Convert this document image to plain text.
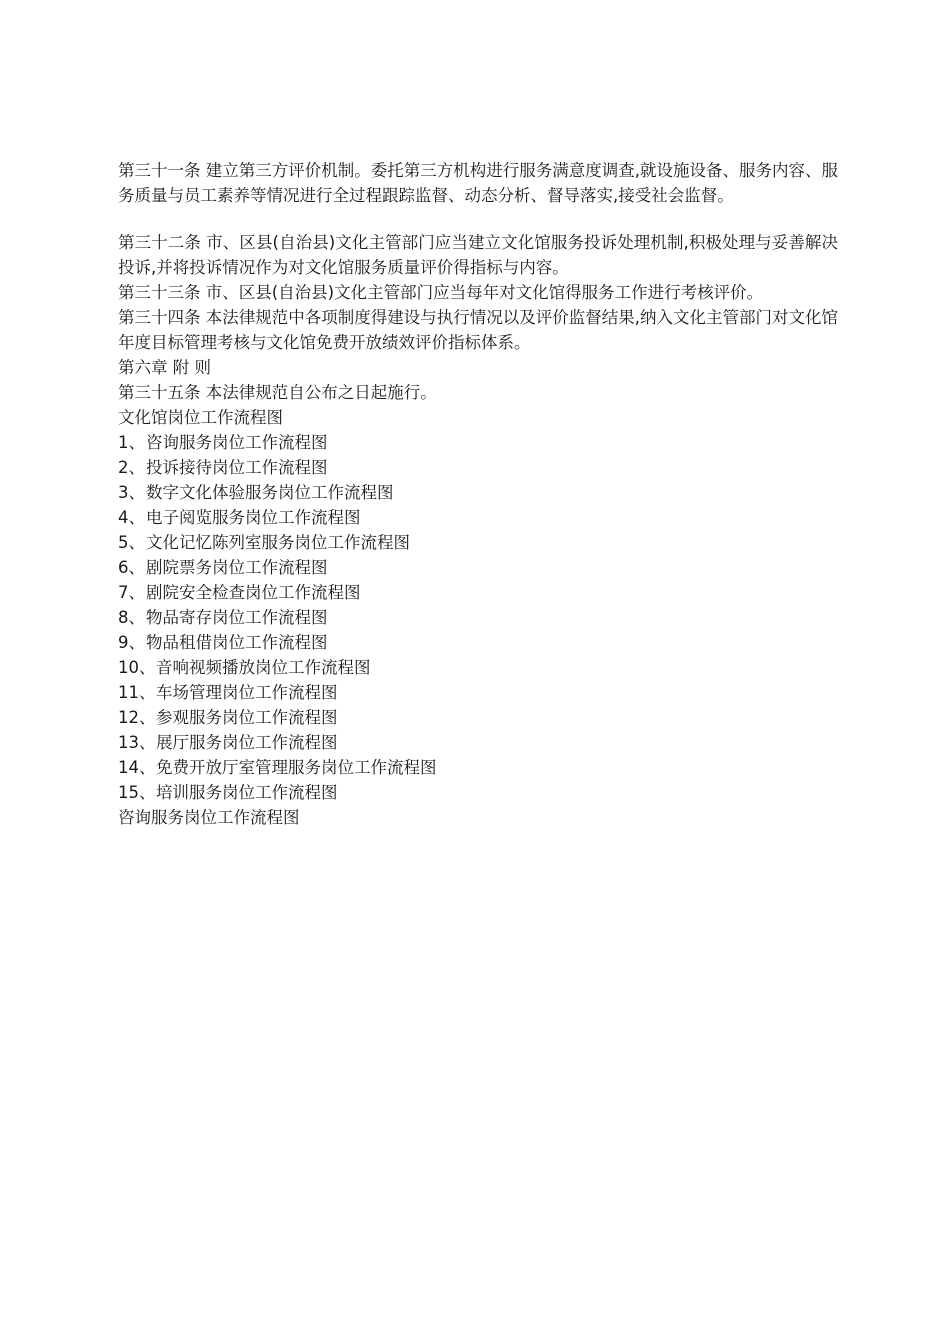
第三十一条 建立第三方评价机制。委托第三方机构进行服务满意度调查,就设施设备、服务内容、服务质量与员工素养等情况进行全过程跟踪监督、动态分析、督导落实,接受社会监督。

第三十二条 市、区县(自治县)文化主管部门应当建立文化馆服务投诉处理机制,积极处理与妥善解决投诉,并将投诉情况作为对文化馆服务质量评价得指标与内容。

第三十三条 市、区县(自治县)文化主管部门应当每年对文化馆得服务工作进行考核评价。

第三十四条 本法律规范中各项制度得建设与执行情况以及评价监督结果,纳入文化主管部门对文化馆年度目标管理考核与文化馆免费开放绩效评价指标体系。

第六章 附 则

第三十五条 本法律规范自公布之日起施行。

文化馆岗位工作流程图

1、咨询服务岗位工作流程图
2、投诉接待岗位工作流程图
3、数字文化体验服务岗位工作流程图
4、电子阅览服务岗位工作流程图
5、文化记忆陈列室服务岗位工作流程图
6、剧院票务岗位工作流程图
7、剧院安全检查岗位工作流程图
8、物品寄存岗位工作流程图
9、物品租借岗位工作流程图
10、音响视频播放岗位工作流程图
11、车场管理岗位工作流程图
12、参观服务岗位工作流程图
13、展厅服务岗位工作流程图
14、免费开放厅室管理服务岗位工作流程图
15、培训服务岗位工作流程图

咨询服务岗位工作流程图
